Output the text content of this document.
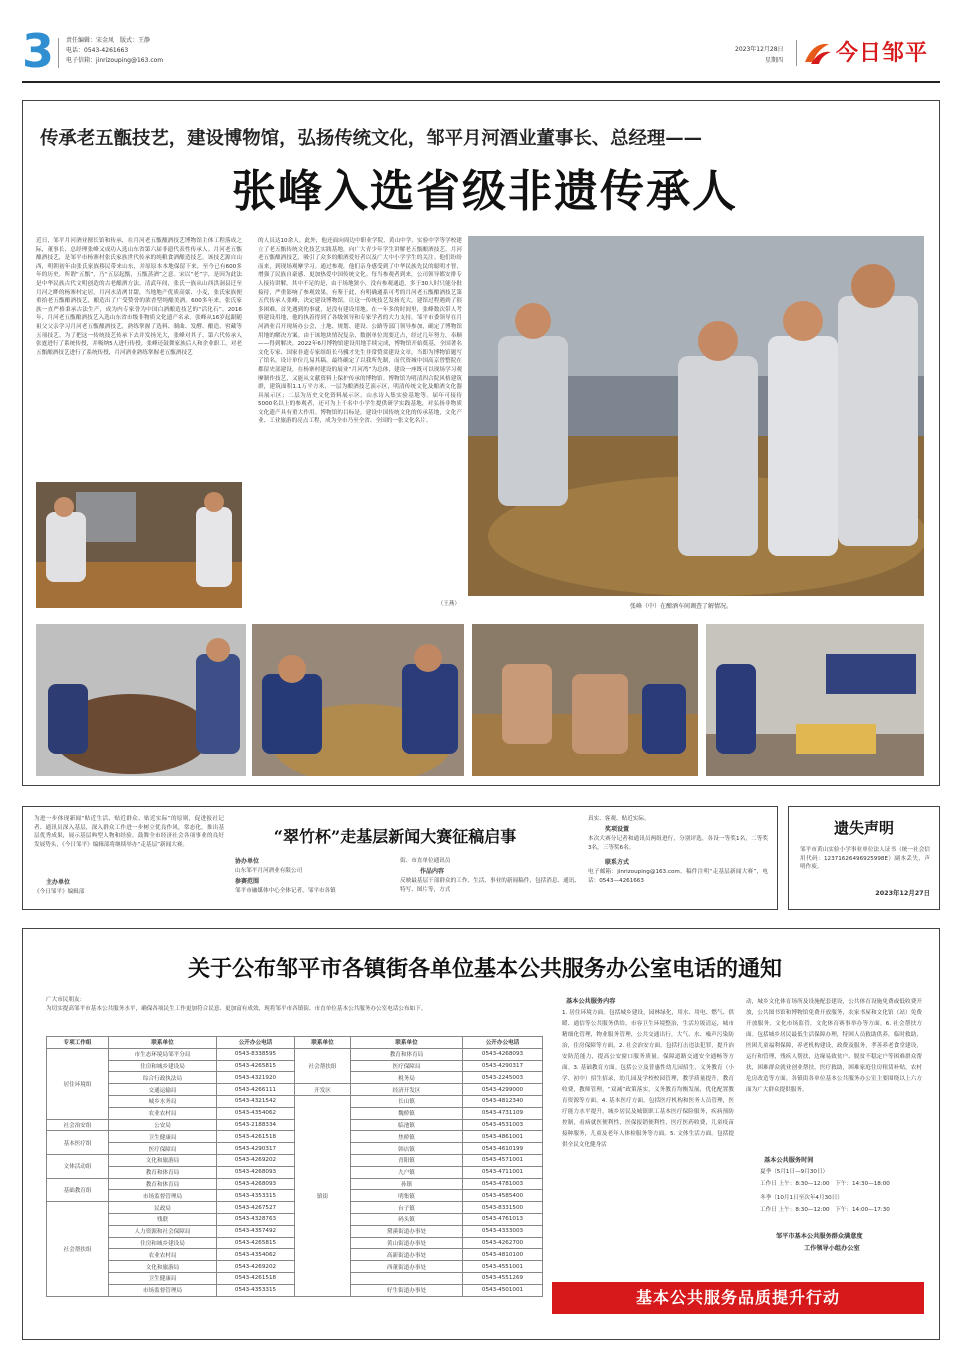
3 责任编辑：宋金凤　版式：王静
电话：0543-4261663
电子信箱：jinrizouping@163.com
2023年12月28日
星期四 今日邹平
传承老五甑技艺，建设博物馆，弘扬传统文化，邹平月河酒业董事长、总经理——
张峰入选省级非遗传承人
近日，邹平月河酒业擅长馆和传承，在月河老五甑酿酒技艺博物馆主体工程落成之际，董事长、总经理张峰又成功入选山东省第六届非遗代表性传承人。月河老五甑酿酒技艺，是邹平市杨寨村张氏家族世代传承的纯粮食酒酿造技艺。该技艺源自山西，明朝初年由张氏家族移民带来山东，并原原本本地保留下来，至今已有600多年的历史。所谓“五甑”，乃“五层起甑，五甑蒸酒”之意。宋以“老”字，是因为此法是中华民族古代文明创造的古老酿酒方法。清武年间，张氏一族从山西洪洞县迁至月河之畔的杨寨村定居。月河水清冽甘甜，当地地产优质高粱、小麦，张氏家族便重拾老五甑酿酒技艺，酿造出了广受赞誉的浓香型纯酿美酒。600多年来，张氏家族一直严格秉承古法生产，成为内专家誉为中国白酒酿造技艺的“活化石”。2016年，月河老五甑酿酒技艺入选山东省市级非物质文化遗产名录。张峰从16岁起跟随祖父父亲学习月河老五甑酿酒技艺，熟练掌握了选料、制曲、发酵、酿造、窖藏等五项技艺。为了把这一传统技艺传承下去并发扬光大，张峰对其子、第六代传承人张霆进行了系统传授，并吸纳5人进行传授。张峰还鼓舞家族后人和企业职工，对老五甑酿酒技艺进行了系统传授，月河酒业熟练掌握老五甑酒技艺
的人员达10余人。此外，他还面向周边中职业学院、黄山中学、实验中学等学校建立了老五甑传统文化技艺实践基地，向广大青少年学生讲解老五甑酿酒技艺。月河老五甑酿酒技艺，吸引了众多的酿酒爱好者以及广大中小学学生的关注。他们纷纷而来，到现场观摩学习。通过参观，他们亲身感受到了中华民族先民的聪明才智，增强了民族自豪感、更加热爱中国传统文化。每当参观者到来，公司领导都安排专人接待讲解，其中不足的是，由于场地狭小，没有参观通道，多于30人时只能分批接待，严重影响了参观效果。有鉴于此，有明确通系可考的月河老五甑酿酒技艺第五代传承人张峰，决定建设博物馆，让这一传统技艺发扬光大。建馆过程遇到了很多困难，首先遇到的事就，是没有建设用地。在一年多的时间里，张峰数次带人考察建设用地，他的执着得到了各级领导和专家学者的大力支持。邹平市委领导在月河酒业召开现场办公会，土地、规划、建设、公路等部门领导参加，确定了博物馆用地的解决方案。由于该地块情况复杂，数据单位需要迁占，经过几年努力，奉顺——得到解决。2022年6月博物馆建设用地手续完成，博物馆开始奠基，全国著名文化专家、国家非遗专家组组长马骥才先生非常赞赏建设文章，当即为博物馆题写了馆名。设计单位几易其稿，最终确定了以我所先制，而代资城中国高京曾整院在都留史部建设，在杨寨村建设的展业“月河湾”为总体，建设一座既可以现场学习观摩制作技艺，又能从文献资料上保护传承的博物馆。博物馆为明清四合院风格建筑群，建筑面积1.1万平方米，一层为酿酒技艺演示区，明清传统文化及酿酒文化器具展示区；二层为历史文化资料展示区，山水诗入集实验基地等。届年可接待5000名以上的参观者，还可为上千名中小学生提供研学实践基地，对弘扬非物质文化遗产具有重大作用。博物馆的目标是，建设中国传统文化的传承基地，文化产业、工业旅游的亮点工程，成为全市乃至全省、全国的一张文化名片。
（王燕）	张峰（中）在酿酒车间调查了解情况。
为进一步体现新闻“贴近生活、贴近群众、贴近实际”的原则，促进报社记者、通讯员深入基层，深入群众工作进一步树立优良作风，常态化，推出基层优秀成果，展示基层典型人物和经验，鼓舞全市经济社会各项事业的良好发展势头，《今日邹平》编辑部将继续举办“走基层”新闻大赛。
主办单位
《今日邹平》编辑部
“翠竹杯”走基层新闻大赛征稿启事
协办单位
山东邹平月河酒业有限公司
参赛范围
邹平市融媒体中心全体记者，邹平市各镇
街、市直单位通讯员
作品内容
反映最基层干部群众的工作、生活、事业的新闻稿件，包括消息、通讯、特写、图片等，方式
真实、客观、贴近实际。
奖项设置
本次大赛分记者和通讯员两组进行，分别评选，各设一等奖1名，二等奖3名，三等奖6名。
联系方式
电子邮箱：jinrizouping@163.com，稿件注明“走基层新闻大赛”，电话：0543—4261663
遗失声明
邹平市黄山实验小学事业单位法人证书（统一社会信用代码：12371626496925998E）副本丢失，声明作废。
2023年12月27日
关于公布邹平市各镇街各单位基本公共服务办公室电话的通知
广大市民朋友：
为切实提高邹平市基本公共服务水平，确保各项民生工作更加符合民意、更加富有成效，现将邹平市各镇街、市直单位基本公共服务办公室电话公布如下。
专项工作组	联系单位	公开办公电话	联系单位	联系单位	公开办公电话
居住环境组	市生态环境局邹平分局	0543-8338595	社会帮扶组	教育和体育局	0543-4268093
	住房和城乡建设局	0543-4265815		医疗保障局	0543-4290317
	综合行政执法局	0543-4321920		税务局	0543-2245003
	交通运输局	0543-4266111	开发区	经济开发区	0543-4299000
	城乡水务局	0543-4321542	镇街	长山镇	0543-4812340
	农业农村局	0543-4354062		魏桥镇	0543-4731109
社会治安组	公安局	0543-2188334		临池镇	0543-4531003
基本医疗组	卫生健康局	0543-4261518		焦桥镇	0543-4861001
	医疗保障局	0543-4290317		韩店镇	0543-4610199
文体活动组	文化和旅游局	0543-4269202		青阳镇	0543-4571001
	教育和体育局	0543-4268093		九户镇	0543-4711001
基础教育组	教育和体育局	0543-4268093		孙镇	0543-4781003
	市场监督管理局	0543-4353315		明集镇	0543-4585400
社会帮扶组	民政局	0543-4267527		台子镇	0543-8331500
	残联	0543-4328763		码头镇	0543-4761013
	人力资源和社会保障局	0543-4357492		黛溪街道办事处	0543-4333003
	住房和城乡建设局	0543-4265815		黄山街道办事处	0543-4262700
	农业农村局	0543-4354062		高新街道办事处	0543-4810100
	文化和旅游局	0543-4269202		西董街道办事处	0543-4551001
	卫生健康局	0543-4261518			0543-4551269
	市场监督管理局	0543-4353315		好生街道办事处	0543-4501001
基本公共服务内容
1. 居住环境方面。包括城乡建设，园林绿化，用水、用电、燃气、供暖、通信等公共服务供给，市容卫生环境整治，生活垃圾清运，城市精细化管理，物业服务管理，公共交通出行，大气、水、噪声污染防治，住房保障等方面。2. 社会治安方面。包括打击违法犯罪，提升治安防范能力，提高公安窗口服务质量，保障道路交通安全通畅等方面。3. 基础教育方面。包括公立及普惠性幼儿园招生，义务教育（小学、初中）招生招录，幼儿园及学校校园管理，教学质量提升，教育收费，教师管理，“双减”政策落实，义务教育均衡发展，优化配置教育资源等方面。4. 基本医疗方面。包括医疗机构和医务人员管理，医疗能力水平提升，城乡居民及城镇职工基本医疗保险服务，疾病预防控制，看病就医便利性，医保报销便利性，医疗医药收费，儿童疫苗接种服务，儿童及老年人体检服务等方面。5. 文体生活方面。包括提供全民文化健身活
动，城乡文化体育场所及设施配套建设，公共体育设施免费或低收费开放，公共图书馆和博物馆免费开放服务，农家书屋和文化馆（站）免费开放服务，文化市场监管，文化体育赛事举办等方面。6. 社会帮扶方面。包括城乡居民最低生活保障办理，特困人员救助供养，临时救助，医困儿童福利保障，养老机构建设，政费及服务，孝善养老食堂建设，运行和管理，残疾人帮扶，边缘易致贫户、脱贫不稳定户等困难群众帮扶，困难群众就业创业帮扶，医疗救助，困难家庭住房租赁补贴，农村危房改造等方面。各镇街各单位基本公共服务办公室主要围绕以上六方面为广大群众提供服务。
基本公共服务时间
夏季（5月1日—9月30日）
工作日 上午：8:30—12:00　下午：14:30—18:00
冬季（10月1日至次年4月30日）
工作日 上午：8:30—12:00　下午：14:00—17:30
邹平市基本公共服务群众满意度
工作领导小组办公室
基本公共服务品质提升行动
